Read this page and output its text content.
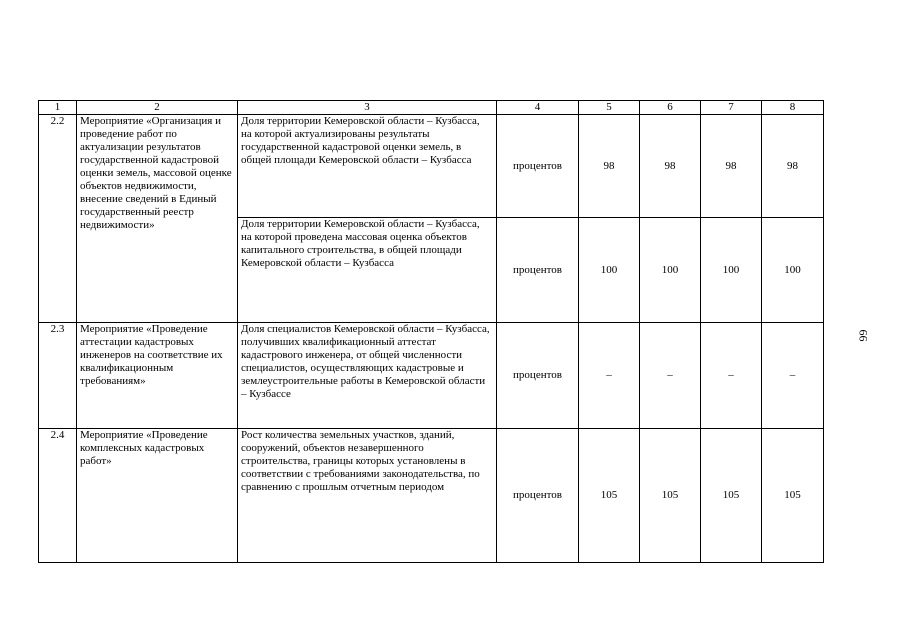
1	2	3	4	5	6	7	8
2.2	Мероприятие «Организация и проведение работ по актуализации результатов государственной кадастровой оценки земель, массовой оценке объектов недвижимости, внесение сведений в Единый государственный реестр недвижимости»	Доля территории Кемеровской области – Кузбасса, на которой актуализированы результаты государственной кадастровой оценки земель, в общей площади Кемеровской области – Кузбасса	процентов	98	98	98	98
		Доля территории Кемеровской области – Кузбасса, на которой проведена массовая оценка объектов капитального строительства, в общей площади Кемеровской области – Кузбасса	процентов	100	100	100	100
2.3	Мероприятие «Проведение аттестации кадастровых инженеров на соответствие их квалификационным требованиям»	Доля специалистов Кемеровской области – Кузбасса, получивших квалификационный аттестат кадастрового инженера, от общей численности специалистов, осуществляющих кадастровые и землеустроительные работы в Кемеровской области – Кузбассе	процентов	–	–	–	–
2.4	Мероприятие «Проведение комплексных кадастровых работ»	Рост количества земельных участков, зданий, сооружений, объектов незавершенного строительства, границы которых установлены в соответствии с требованиями законодательства, по сравнению с прошлым отчетным периодом	процентов	105	105	105	105
66
